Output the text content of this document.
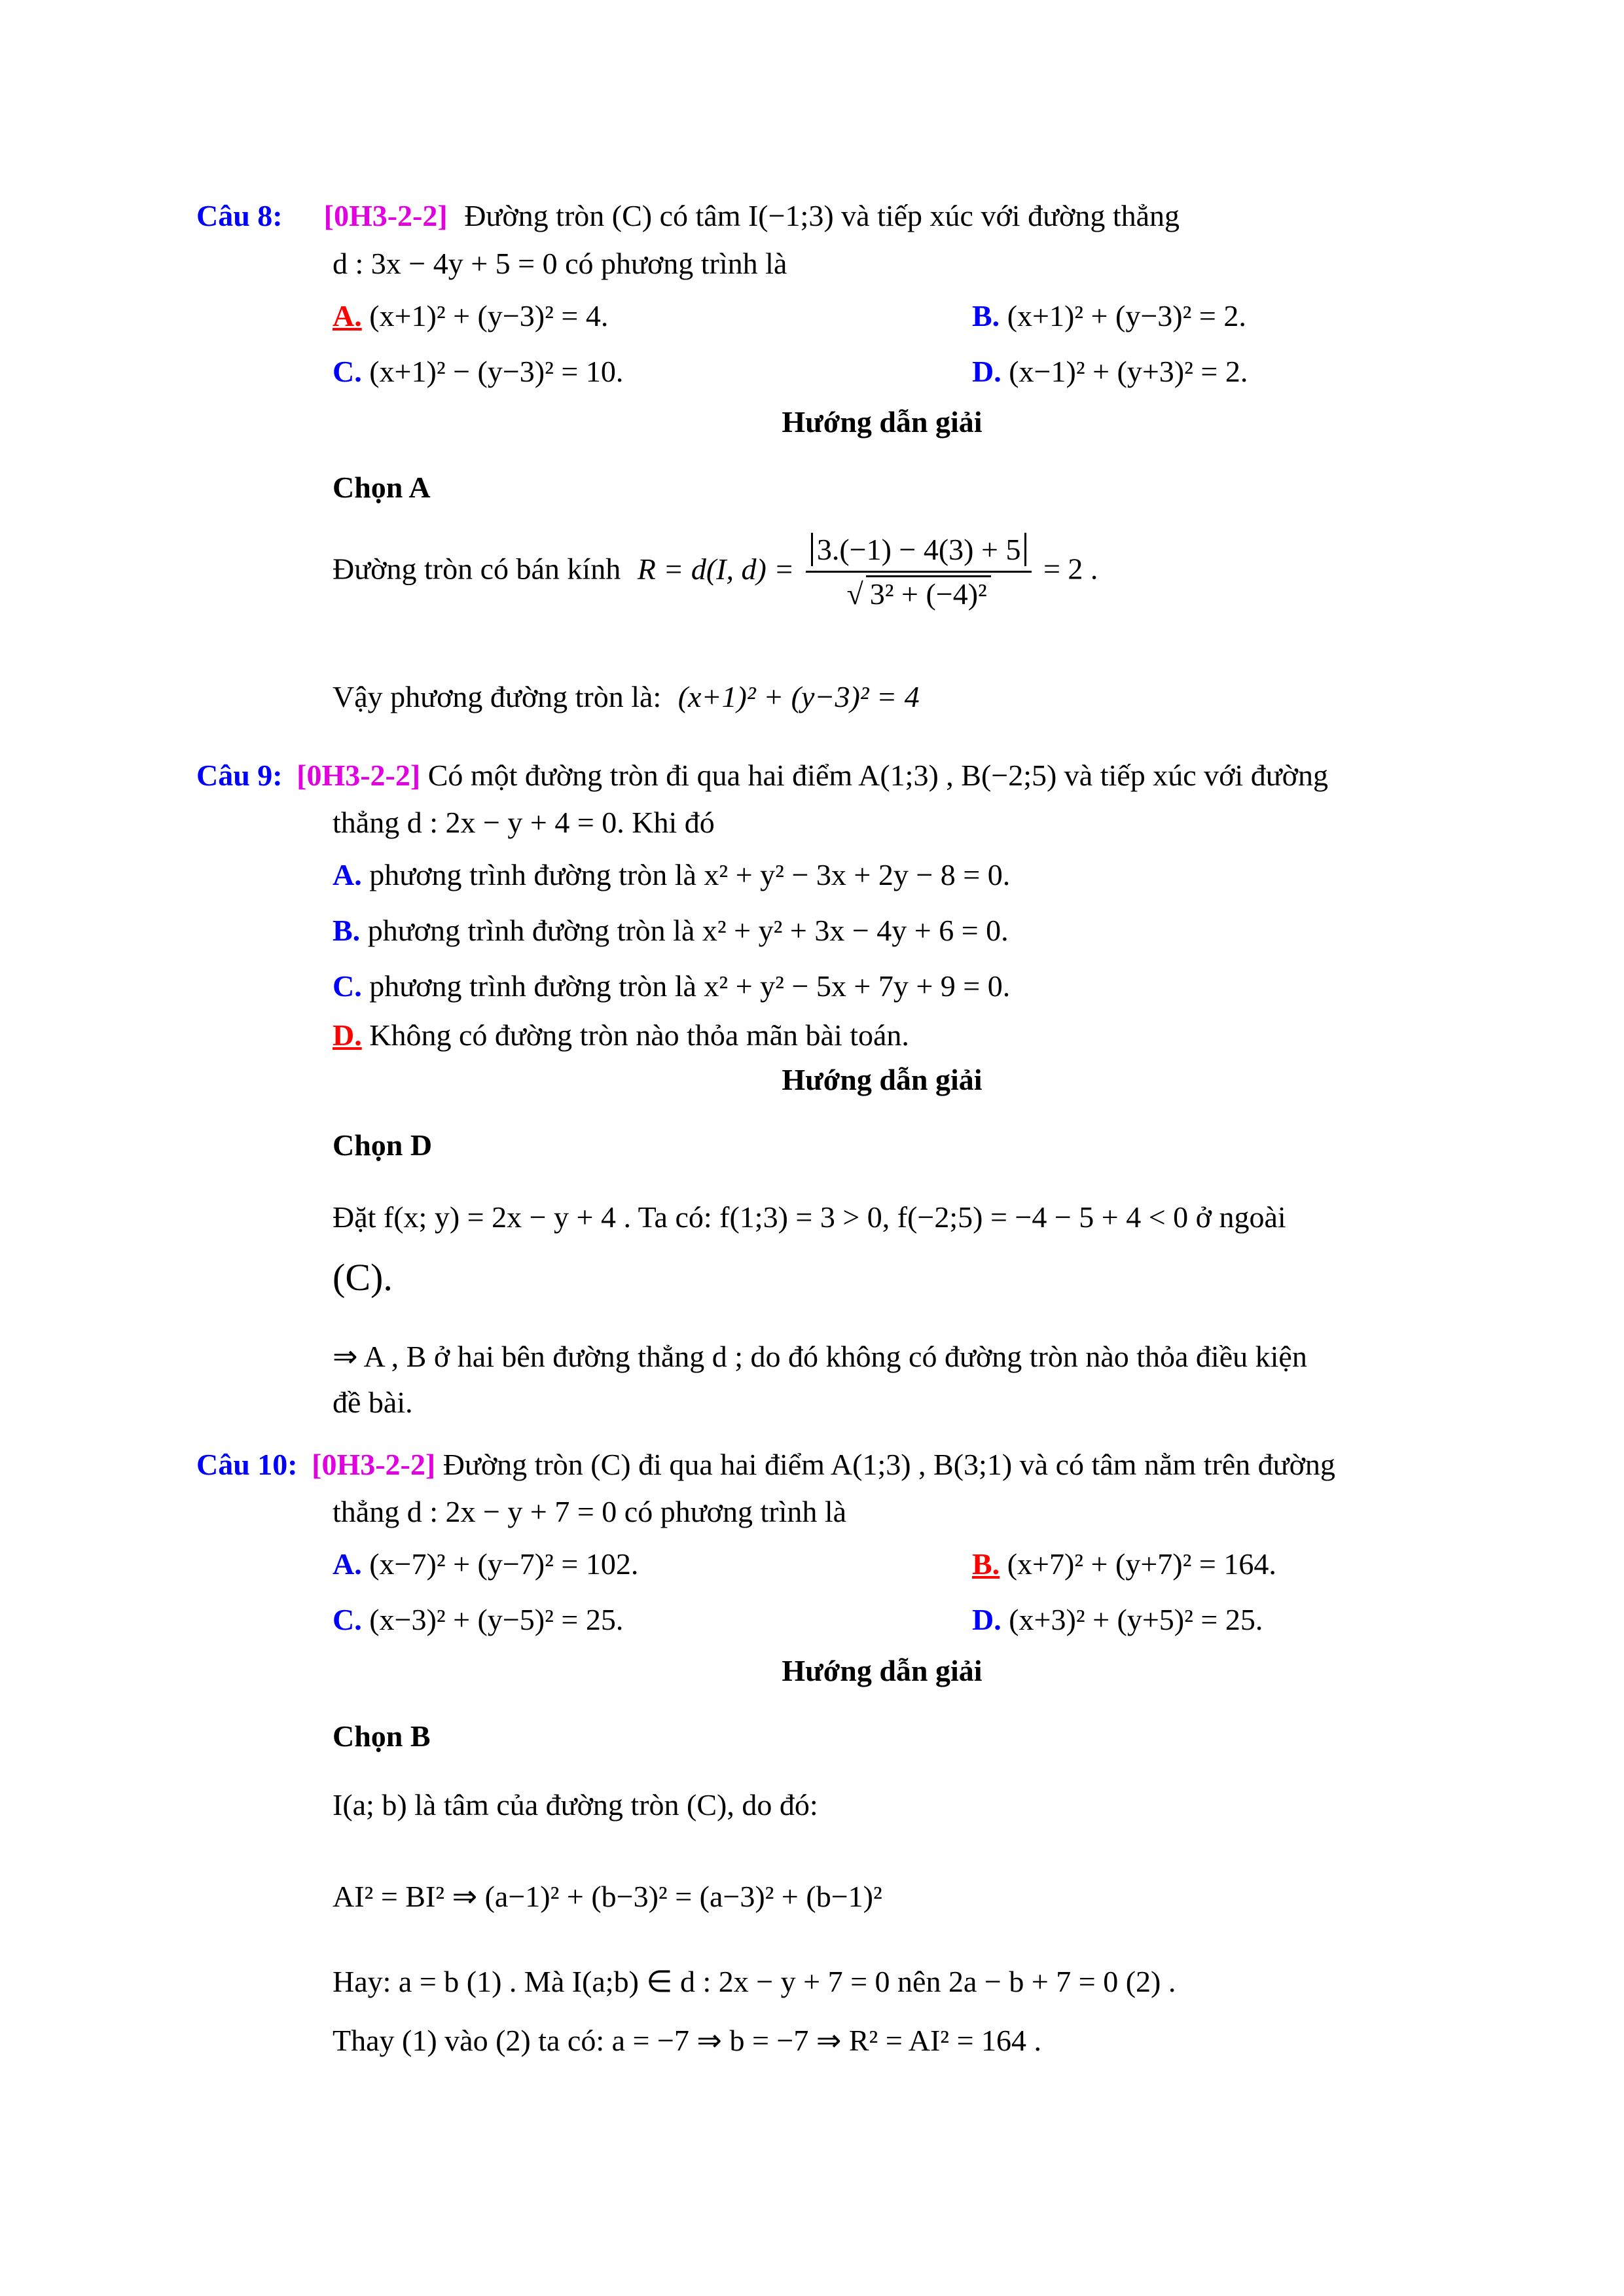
Câu 8: [0H3-2-2] Đường tròn (C) có tâm I(−1;3) và tiếp xúc với đường thẳng
d : 3x − 4y + 5 = 0 có phương trình là
A. (x+1)² + (y−3)² = 4.	B. (x+1)² + (y−3)² = 2.
C. (x+1)² − (y−3)² = 10.	D. (x−1)² + (y+3)² = 2.
Hướng dẫn giải
Chọn A
Đường tròn có bán kính R = d(I, $d) = \frac{3.(-1) - 4(3) + 5}{\text{√ 3² + (−4)²}} = 2$ .
Vậy phương đường tròn là: (x+1)² + (y−3)² = 4
Câu 9: [0H3-2-2] Có một đường tròn đi qua hai điểm A(1;3) , B(−2;5) và tiếp xúc với đường
thẳng d : 2x − y + 4 = 0. Khi đó
A. phương trình đường tròn là x² + y² − 3x + 2y − 8 = 0.
B. phương trình đường tròn là x² + y² + 3x − 4y + 6 = 0.
C. phương trình đường tròn là x² + y² − 5x + 7y + 9 = 0.
D. Không có đường tròn nào thỏa mãn bài toán.
Hướng dẫn giải
Chọn D
Đặt f(x; y) = 2x − y + 4 . Ta có: f(1;3) = 3 > 0, f(−2;5) = −4 − 5 + 4 < 0 ở ngoài
(C).
⇒ A , B ở hai bên đường thẳng d ; do đó không có đường tròn nào thỏa điều kiện
đề bài.
Câu 10: [0H3-2-2] Đường tròn (C) đi qua hai điểm A(1;3) , B(3;1) và có tâm nằm trên đường
thẳng d : 2x − y + 7 = 0 có phương trình là
A. (x−7)² + (y−7)² = 102.	B. (x+7)² + (y+7)² = 164.
C. (x−3)² + (y−5)² = 25.	D. (x+3)² + (y+5)² = 25.
Hướng dẫn giải
Chọn B
I(a; b) là tâm của đường tròn (C), do đó:
AI² = BI² ⇒ (a−1)² + (b−3)² = (a−3)² + (b−1)²
Hay: a = b (1) . Mà I(a;b) ∈ d : 2x − y + 7 = 0 nên 2a − b + 7 = 0 (2) .
Thay (1) vào (2) ta có: a = −7 ⇒ b = −7 ⇒ R² = AI² = 164 .
